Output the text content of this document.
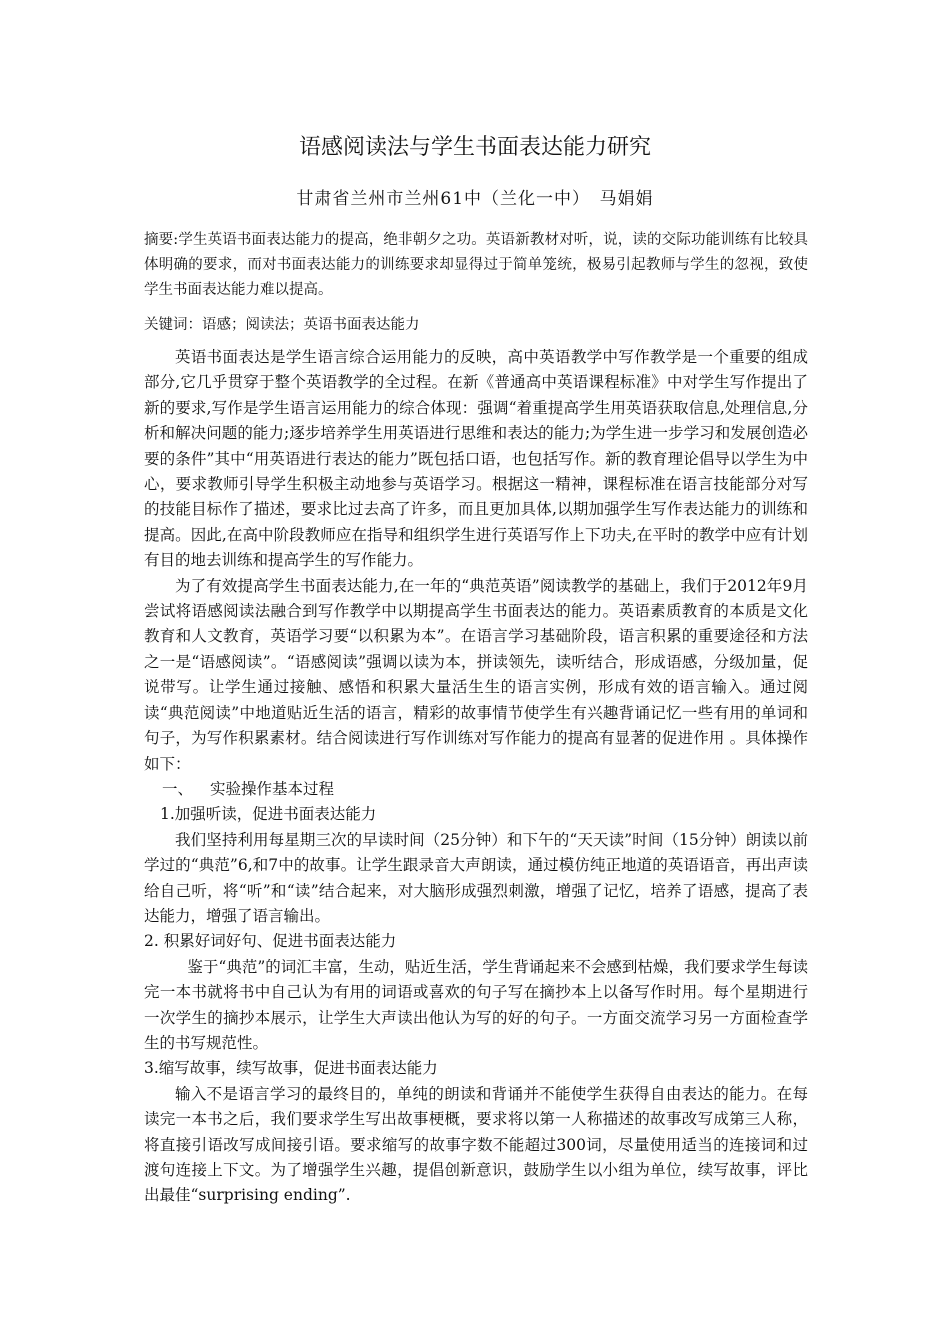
语感阅读法与学生书面表达能力研究
甘肃省兰州市兰州61中（兰化一中）　马娟娟
摘要:学生英语书面表达能力的提高，绝非朝夕之功。英语新教材对听，说，读的交际功能训练有比较具体明确的要求，而对书面表达能力的训练要求却显得过于简单笼统，极易引起教师与学生的忽视，致使学生书面表达能力难以提高。
关键词：语感；阅读法；英语书面表达能力

英语书面表达是学生语言综合运用能力的反映，高中英语教学中写作教学是一个重要的组成部分,它几乎贯穿于整个英语教学的全过程。在新《普通高中英语课程标准》中对学生写作提出了新的要求,写作是学生语言运用能力的综合体现：强调“着重提高学生用英语获取信息,处理信息,分析和解决问题的能力;逐步培养学生用英语进行思维和表达的能力;为学生进一步学习和发展创造必要的条件”其中“用英语进行表达的能力”既包括口语，也包括写作。新的教育理论倡导以学生为中心，要求教师引导学生积极主动地参与英语学习。根据这一精神，课程标准在语言技能部分对写的技能目标作了描述，要求比过去高了许多，而且更加具体,以期加强学生写作表达能力的训练和提高。因此,在高中阶段教师应在指导和组织学生进行英语写作上下功夫,在平时的教学中应有计划有目的地去训练和提高学生的写作能力。

为了有效提高学生书面表达能力,在一年的“典范英语”阅读教学的基础上，我们于2012年9月尝试将语感阅读法融合到写作教学中以期提高学生书面表达的能力。英语素质教育的本质是文化教育和人文教育，英语学习要“以积累为本”。在语言学习基础阶段，语言积累的重要途径和方法之一是“语感阅读”。“语感阅读”强调以读为本，拼读领先，读听结合，形成语感，分级加量，促说带写。让学生通过接触、感悟和积累大量活生生的语言实例，形成有效的语言输入。通过阅读“典范阅读”中地道贴近生活的语言，精彩的故事情节使学生有兴趣背诵记忆一些有用的单词和句子，为写作积累素材。结合阅读进行写作训练对写作能力的提高有显著的促进作用 。具体操作如下：

一、 实验操作基本过程

1.加强听读，促进书面表达能力

我们坚持利用每星期三次的早读时间（25分钟）和下午的“天天读”时间（15分钟）朗读以前学过的“典范”6,和7中的故事。让学生跟录音大声朗读，通过模仿纯正地道的英语语音，再出声读给自己听，将“听”和“读”结合起来，对大脑形成强烈刺激，增强了记忆，培养了语感，提高了表达能力，增强了语言输出。

2. 积累好词好句、促进书面表达能力

鉴于“典范”的词汇丰富，生动，贴近生活，学生背诵起来不会感到枯燥，我们要求学生每读完一本书就将书中自己认为有用的词语或喜欢的句子写在摘抄本上以备写作时用。每个星期进行一次学生的摘抄本展示，让学生大声读出他认为写的好的句子。一方面交流学习另一方面检查学生的书写规范性。

3.缩写故事，续写故事，促进书面表达能力

输入不是语言学习的最终目的，单纯的朗读和背诵并不能使学生获得自由表达的能力。在每读完一本书之后，我们要求学生写出故事梗概，要求将以第一人称描述的故事改写成第三人称，将直接引语改写成间接引语。要求缩写的故事字数不能超过300词，尽量使用适当的连接词和过渡句连接上下文。为了增强学生兴趣，提倡创新意识，鼓励学生以小组为单位，续写故事，评比出最佳“surprising ending”.
